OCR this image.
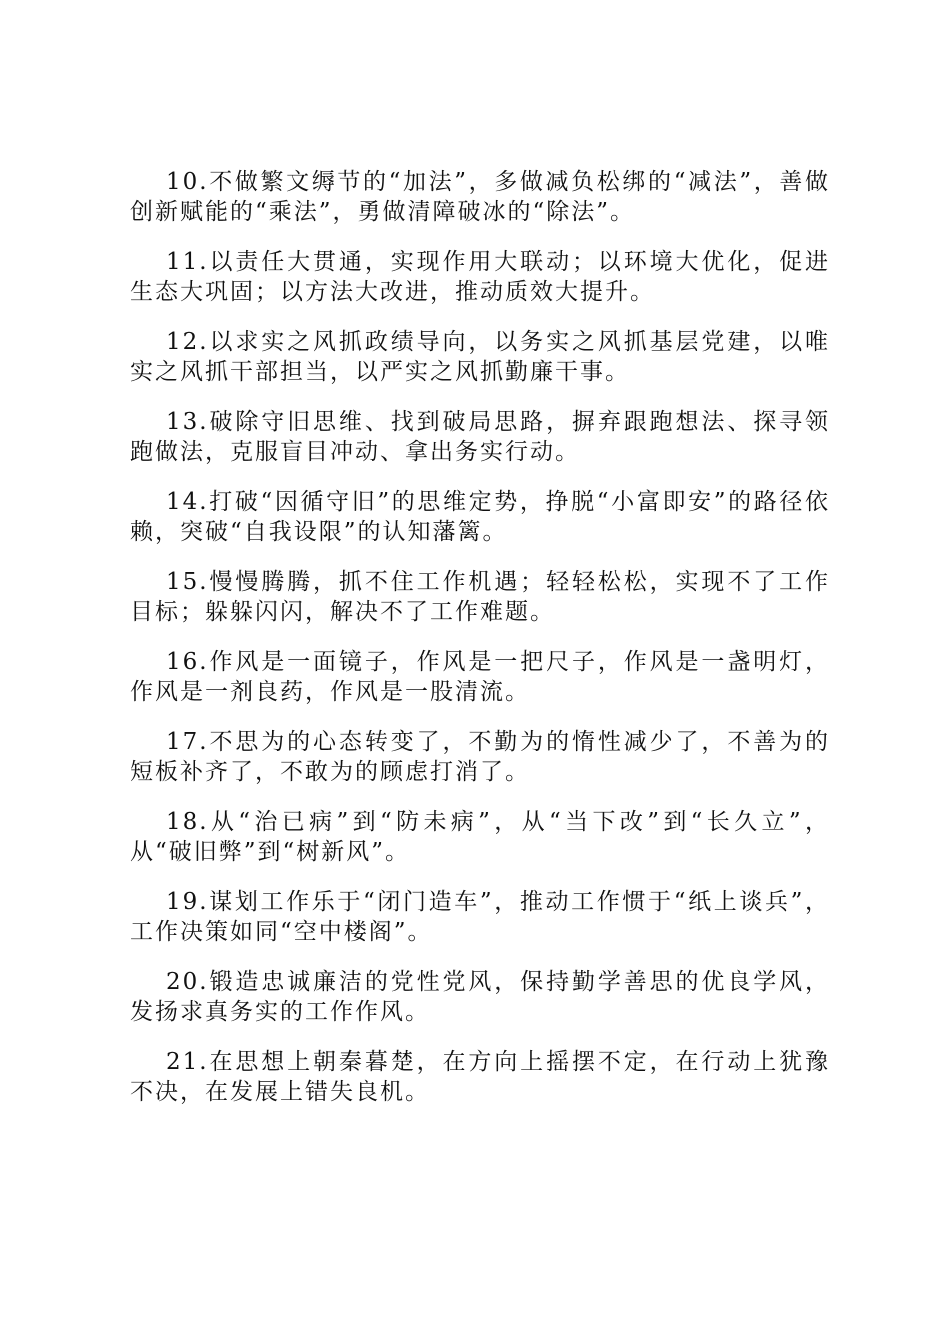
10.不做繁文缛节的“加法”，多做减负松绑的“减法”，善做创新赋能的“乘法”，勇做清障破冰的“除法”。

11.以责任大贯通，实现作用大联动；以环境大优化，促进生态大巩固；以方法大改进，推动质效大提升。

12.以求实之风抓政绩导向，以务实之风抓基层党建，以唯实之风抓干部担当，以严实之风抓勤廉干事。

13.破除守旧思维、找到破局思路，摒弃跟跑想法、探寻领跑做法，克服盲目冲动、拿出务实行动。

14.打破“因循守旧”的思维定势，挣脱“小富即安”的路径依赖，突破“自我设限”的认知藩篱。

15.慢慢腾腾，抓不住工作机遇；轻轻松松，实现不了工作目标；躲躲闪闪，解决不了工作难题。

16.作风是一面镜子，作风是一把尺子，作风是一盏明灯，作风是一剂良药，作风是一股清流。

17.不思为的心态转变了，不勤为的惰性减少了，不善为的短板补齐了，不敢为的顾虑打消了。

18.从“治已病”到“防未病”，从“当下改”到“长久立”，从“破旧弊”到“树新风”。

19.谋划工作乐于“闭门造车”，推动工作惯于“纸上谈兵”，工作决策如同“空中楼阁”。

20.锻造忠诚廉洁的党性党风，保持勤学善思的优良学风，发扬求真务实的工作作风。

21.在思想上朝秦暮楚，在方向上摇摆不定，在行动上犹豫不决，在发展上错失良机。
